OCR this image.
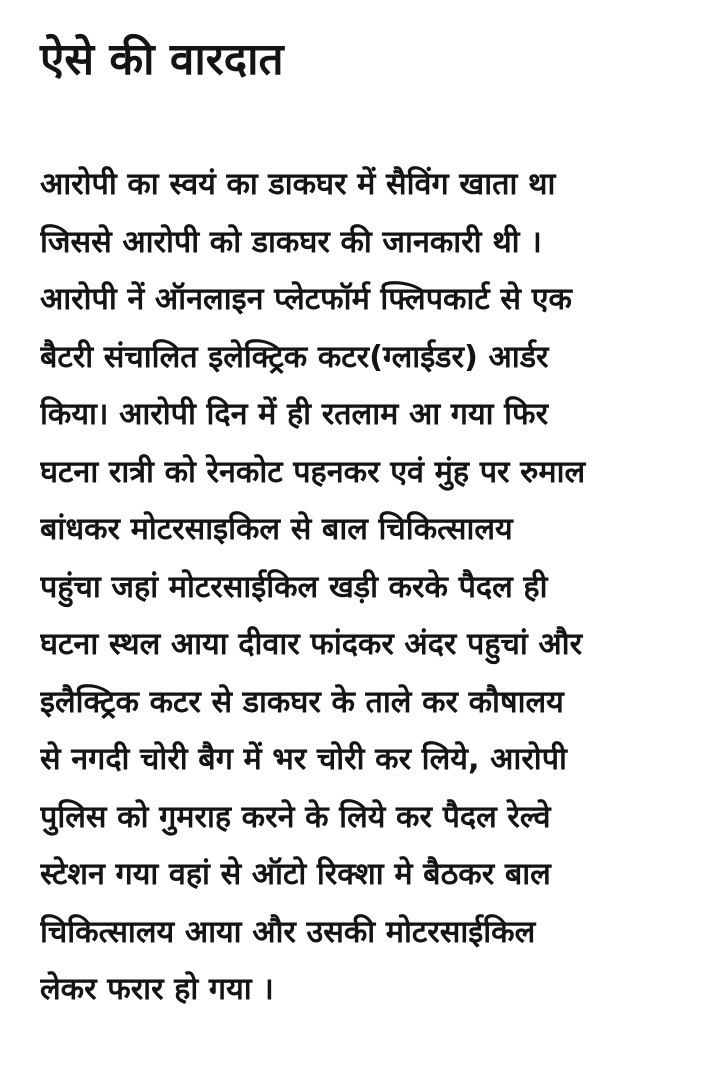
ऐसे की वारदात
आरोपी का स्वयं का डाकघर में सैविंग खाता था
जिससे आरोपी को डाकघर की जानकारी थी ।
आरोपी नें ऑनलाइन प्लेटफॉर्म फ्लिपकार्ट से एक
बैटरी संचालित इलेक्ट्रिक कटर(ग्लाईडर) आर्डर
किया। आरोपी दिन में ही रतलाम आ गया फिर
घटना रात्री को रेनकोट पहनकर एवं मुंह पर रुमाल
बांधकर मोटरसाइकिल से बाल चिकित्सालय
पहुंचा जहां मोटरसाईकिल खड़ी करके पैदल ही
घटना स्थल आया दीवार फांदकर अंदर पहुचां और
इलैक्ट्रिक कटर से डाकघर के ताले कर कौषालय
से नगदी चोरी बैग में भर चोरी कर लिये, आरोपी
पुलिस को गुमराह करने के लिये कर पैदल रेल्वे
स्टेशन गया वहां से ऑटो रिक्शा मे बैठकर बाल
चिकित्सालय आया और उसकी मोटरसाईकिल
लेकर फरार हो गया ।
